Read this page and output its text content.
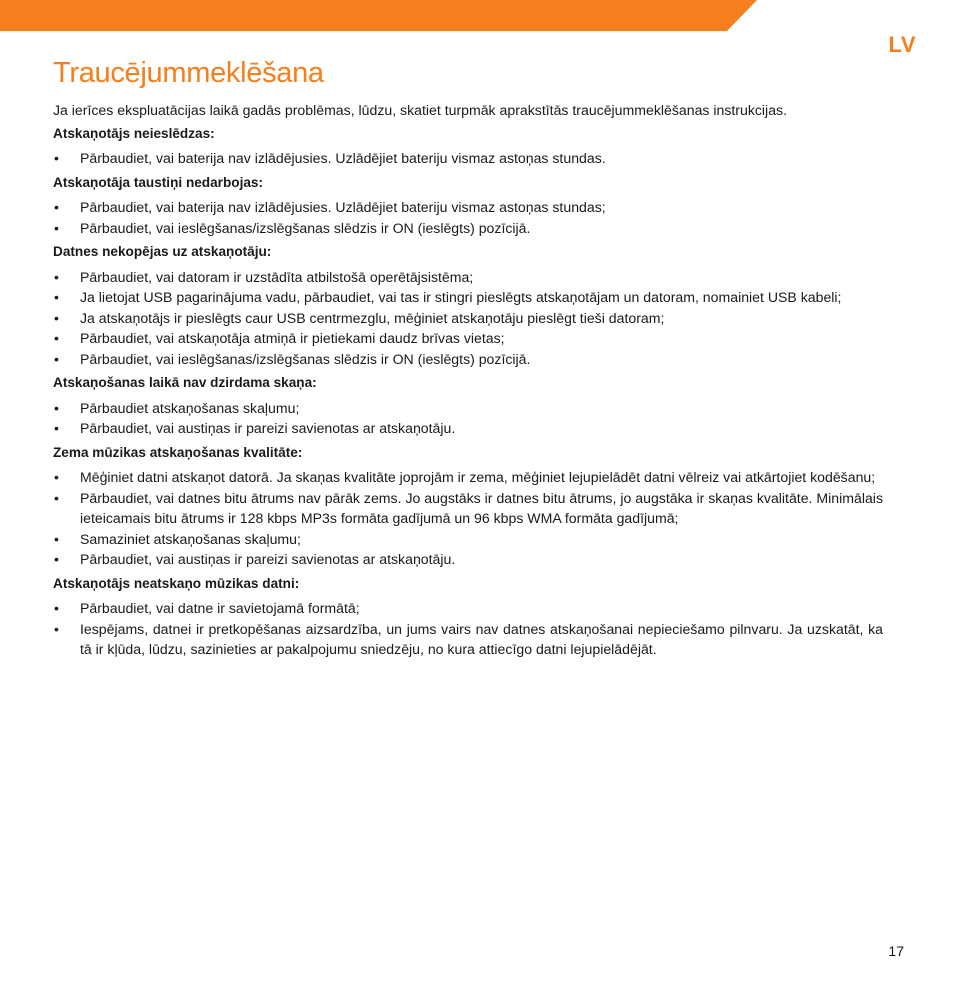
LV
Traucējummeklēšana

Ja ierīces ekspluatācijas laikā gadās problēmas, lūdzu, skatiet turpmāk aprakstītās traucējummeklēšanas instrukcijas.

Atskaņotājs neieslēdzas:

• Pārbaudiet, vai baterija nav izlādējusies. Uzlādējiet bateriju vismaz astoņas stundas.

Atskaņotāja taustiņi nedarbojas:

• Pārbaudiet, vai baterija nav izlādējusies. Uzlādējiet bateriju vismaz astoņas stundas;
• Pārbaudiet, vai ieslēgšanas/izslēgšanas slēdzis ir ON (ieslēgts) pozīcijā.

Datnes nekopējas uz atskaņotāju:

• Pārbaudiet, vai datoram ir uzstādīta atbilstošā operētājsistēma;
• Ja lietojat USB pagarinājuma vadu, pārbaudiet, vai tas ir stingri pieslēgts atskaņotājam un datoram, nomainiet USB kabeli;
• Ja atskaņotājs ir pieslēgts caur USB centrmezglu, mēģiniet atskaņotāju pieslēgt tieši datoram;
• Pārbaudiet, vai atskaņotāja atmiņā ir pietiekami daudz brīvas vietas;
• Pārbaudiet, vai ieslēgšanas/izslēgšanas slēdzis ir ON (ieslēgts) pozīcijā.

Atskaņošanas laikā nav dzirdama skaņa:

• Pārbaudiet atskaņošanas skaļumu;
• Pārbaudiet, vai austiņas ir pareizi savienotas ar atskaņotāju.

Zema mūzikas atskaņošanas kvalitāte:

• Mēģiniet datni atskaņot datorā. Ja skaņas kvalitāte joprojām ir zema, mēģiniet lejupielādēt datni vēlreiz vai atkārtojiet kodēšanu;
• Pārbaudiet, vai datnes bitu ātrums nav pārāk zems. Jo augstāks ir datnes bitu ātrums, jo augstāka ir skaņas kvalitāte. Minimālais ieteicamais bitu ātrums ir 128 kbps MP3s formāta gadījumā un 96 kbps WMA formāta gadījumā;
• Samaziniet atskaņošanas skaļumu;
• Pārbaudiet, vai austiņas ir pareizi savienotas ar atskaņotāju.

Atskaņotājs neatskaņo mūzikas datni:

• Pārbaudiet, vai datne ir savietojamā formātā;
• Iespējams, datnei ir pretkopēšanas aizsardzība, un jums vairs nav datnes atskaņošanai nepieciešamo pilnvaru. Ja uzskatāt, ka tā ir kļūda, lūdzu, sazinieties ar pakalpojumu sniedzēju, no kura attiecīgo datni lejupielādējāt.
17
